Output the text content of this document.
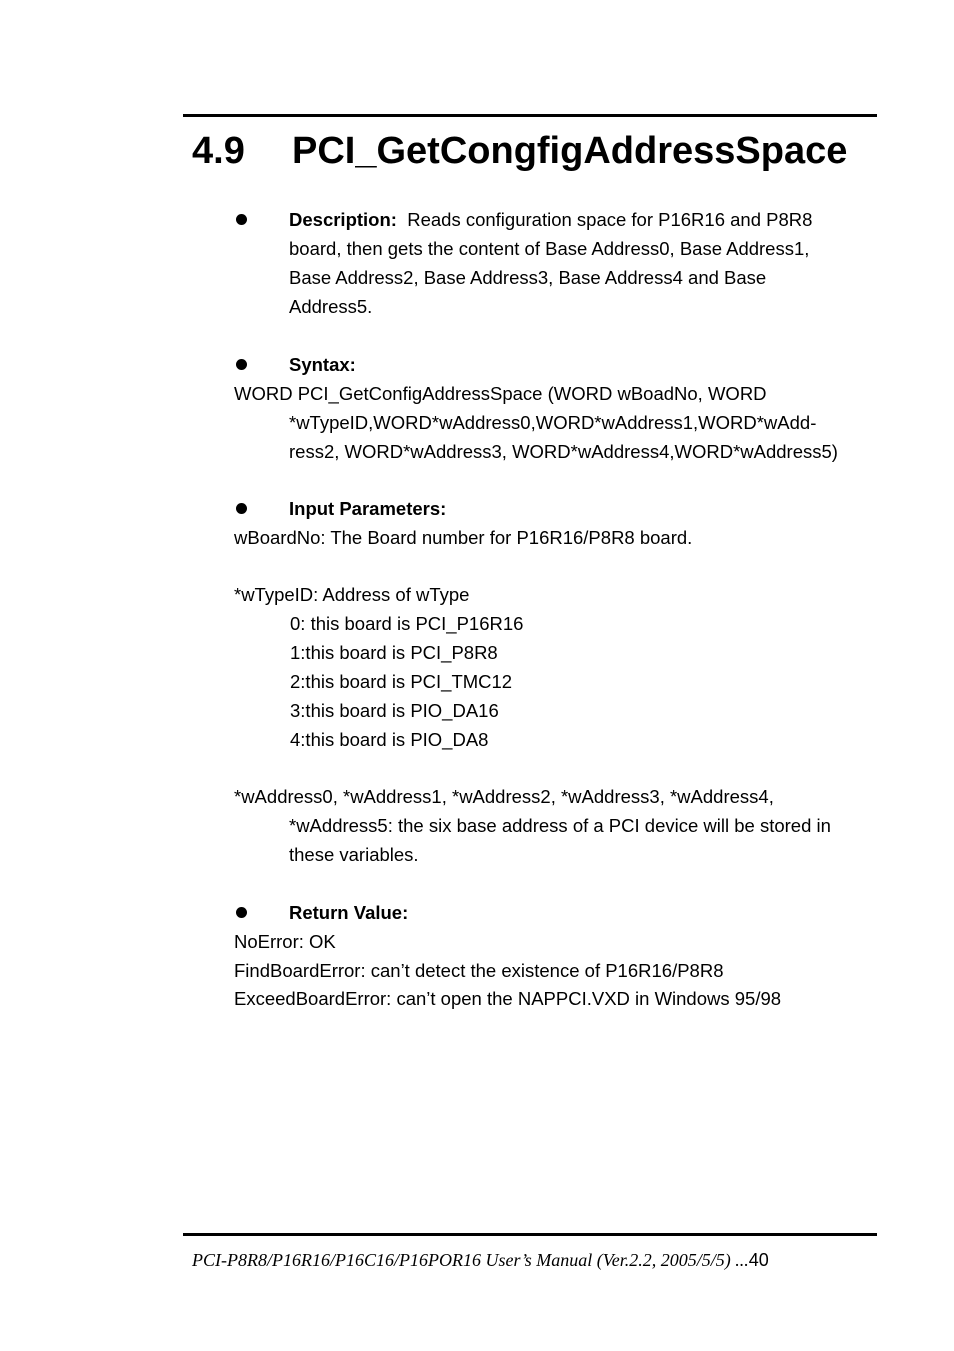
4.9 PCI_GetCongfigAddressSpace
Description: Reads configuration space for P16R16 and P8R8
board, then gets the content of Base Address0, Base Address1,
Base Address2, Base Address3, Base Address4 and Base
Address5.
Syntax:
WORD PCI_GetConfigAddressSpace (WORD wBoadNo, WORD
*wTypeID,WORD*wAddress0,WORD*wAddress1,WORD*wAdd-
ress2, WORD*wAddress3, WORD*wAddress4,WORD*wAddress5)
Input Parameters:
wBoardNo: The Board number for P16R16/P8R8 board.
*wTypeID: Address of wType
0: this board is PCI_P16R16
1:this board is PCI_P8R8
2:this board is PCI_TMC12
3:this board is PIO_DA16
4:this board is PIO_DA8
*wAddress0, *wAddress1, *wAddress2, *wAddress3, *wAddress4,
*wAddress5: the six base address of a PCI device will be stored in
these variables.
Return Value:
NoError: OK
FindBoardError: can’t detect the existence of P16R16/P8R8
ExceedBoardError: can’t open the NAPPCI.VXD in Windows 95/98
PCI-P8R8/P16R16/P16C16/P16POR16 User’s Manual (Ver.2.2, 2005/5/5) ...40
